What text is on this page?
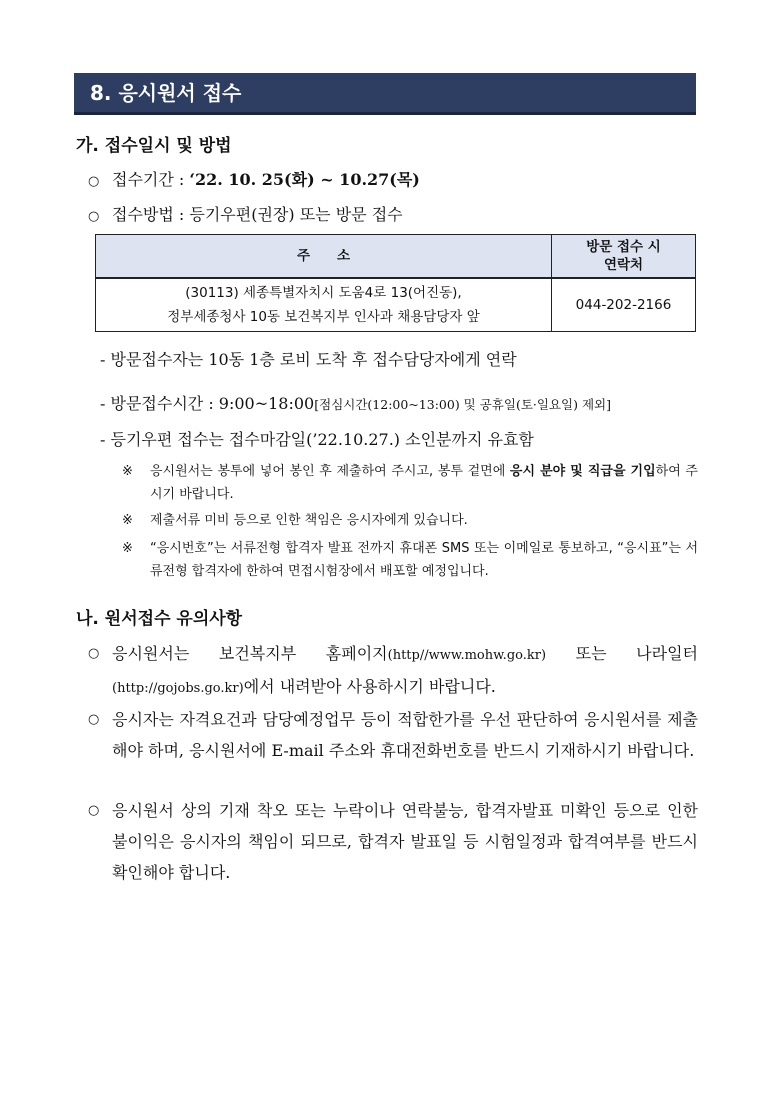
8. 응시원서 접수
가. 접수일시 및 방법
○ 접수기간 : ‘22. 10. 25(화) ~ 10.27(목)
○ 접수방법 : 등기우편(권장) 또는 방문 접수
주　　소	방문 접수 시
연락처
(30113) 세종특별자치시 도움4로 13(어진동),
정부세종청사 10동 보건복지부 인사과 채용담당자 앞	044-202-2166
- 방문접수자는 10동 1층 로비 도착 후 접수담당자에게 연락
- 방문접수시간 : 9:00~18:00[점심시간(12:00~13:00) 및 공휴일(토·일요일) 제외]
- 등기우편 접수는 접수마감일(’22.10.27.) 소인분까지 유효함
※ 응시원서는 봉투에 넣어 봉인 후 제출하여 주시고, 봉투 겉면에 응시 분야 및 직급을 기입하여 주시기 바랍니다.
※ 제출서류 미비 등으로 인한 책임은 응시자에게 있습니다.
※ “응시번호”는 서류전형 합격자 발표 전까지 휴대폰 SMS 또는 이메일로 통보하고, “응시표”는 서류전형 합격자에 한하여 면접시험장에서 배포할 예정입니다.
나. 원서접수 유의사항
○ 응시원서는 보건복지부 홈페이지(http//www.mohw.go.kr) 또는 나라일터 (http://gojobs.go.kr)에서 내려받아 사용하시기 바랍니다.
○ 응시자는 자격요건과 담당예정업무 등이 적합한가를 우선 판단하여 응시원서를 제출해야 하며, 응시원서에 E-mail 주소와 휴대전화번호를 반드시 기재하시기 바랍니다.
○ 응시원서 상의 기재 착오 또는 누락이나 연락불능, 합격자발표 미확인 등으로 인한 불이익은 응시자의 책임이 되므로, 합격자 발표일 등 시험일정과 합격여부를 반드시 확인해야 합니다.
